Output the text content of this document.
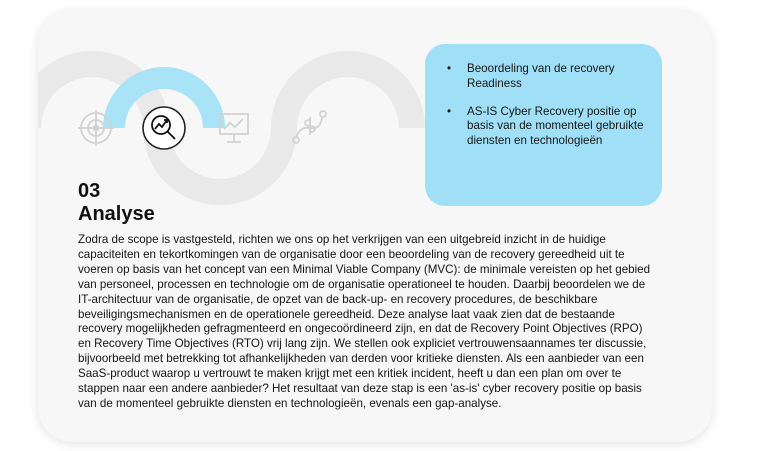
• Beoordeling van de recovery Readiness
• AS-IS Cyber Recovery positie op basis van de momenteel gebruikte diensten en technologieën
03
Analyse

Zodra de scope is vastgesteld, richten we ons op het verkrijgen van een uitgebreid inzicht in de huidige capaciteiten en tekortkomingen van de organisatie door een beoordeling van de recovery gereedheid uit te voeren op basis van het concept van een Minimal Viable Company (MVC): de minimale vereisten op het gebied van personeel, processen en technologie om de organisatie operationeel te houden. Daarbij beoordelen we de IT-architectuur van de organisatie, de opzet van de back-up- en recovery procedures, de beschikbare beveiligingsmechanismen en de operationele gereedheid. Deze analyse laat vaak zien dat de bestaande recovery mogelijkheden gefragmenteerd en ongecoördineerd zijn, en dat de Recovery Point Objectives (RPO) en Recovery Time Objectives (RTO) vrij lang zijn. We stellen ook expliciet vertrouwensaannames ter discussie, bijvoorbeeld met betrekking tot afhankelijkheden van derden voor kritieke diensten. Als een aanbieder van een SaaS-product waarop u vertrouwt te maken krijgt met een kritiek incident, heeft u dan een plan om over te stappen naar een andere aanbieder? Het resultaat van deze stap is een 'as-is' cyber recovery positie op basis van de momenteel gebruikte diensten en technologieën, evenals een gap-analyse.
